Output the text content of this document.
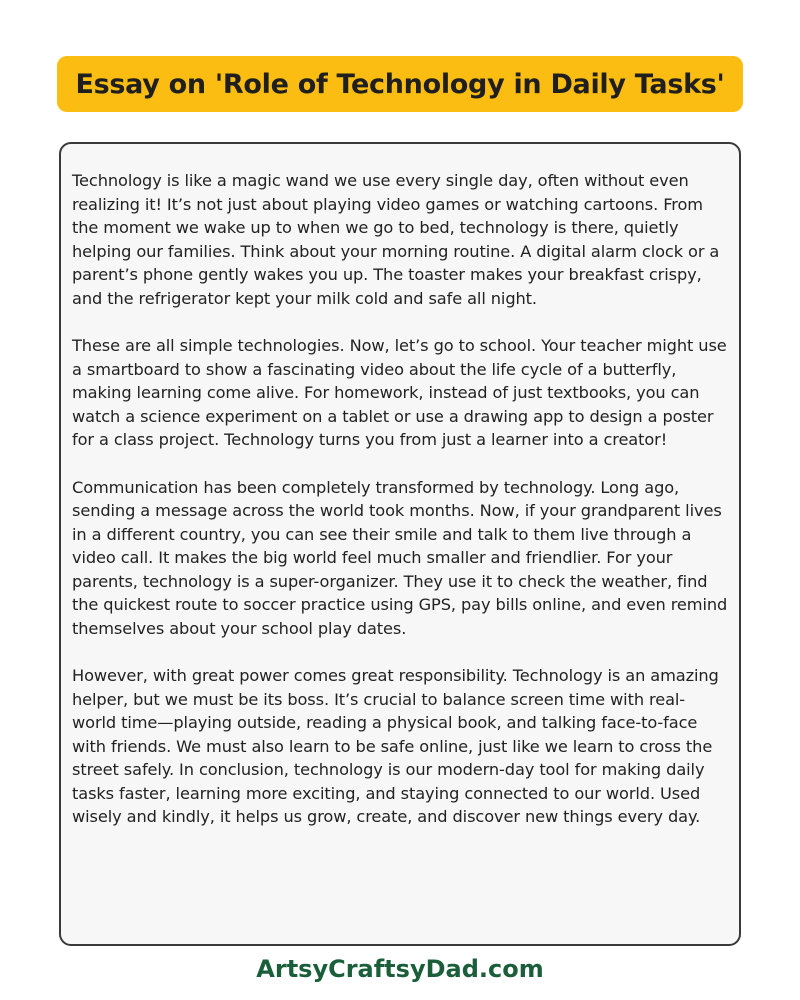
Essay on 'Role of Technology in Daily Tasks'

Technology is like a magic wand we use every single day, often without even realizing it! It’s not just about playing video games or watching cartoons. From the moment we wake up to when we go to bed, technology is there, quietly helping our families. Think about your morning routine. A digital alarm clock or a parent’s phone gently wakes you up. The toaster makes your breakfast crispy, and the refrigerator kept your milk cold and safe all night.

These are all simple technologies. Now, let’s go to school. Your teacher might use a smartboard to show a fascinating video about the life cycle of a butterfly, making learning come alive. For homework, instead of just textbooks, you can watch a science experiment on a tablet or use a drawing app to design a poster for a class project. Technology turns you from just a learner into a creator!

Communication has been completely transformed by technology. Long ago, sending a message across the world took months. Now, if your grandparent lives in a different country, you can see their smile and talk to them live through a video call. It makes the big world feel much smaller and friendlier. For your parents, technology is a super-organizer. They use it to check the weather, find the quickest route to soccer practice using GPS, pay bills online, and even remind themselves about your school play dates.

However, with great power comes great responsibility. Technology is an amazing helper, but we must be its boss. It’s crucial to balance screen time with real-world time—playing outside, reading a physical book, and talking face-to-face with friends. We must also learn to be safe online, just like we learn to cross the street safely. In conclusion, technology is our modern-day tool for making daily tasks faster, learning more exciting, and staying connected to our world. Used wisely and kindly, it helps us grow, create, and discover new things every day.

ArtsyCraftsyDad.com
